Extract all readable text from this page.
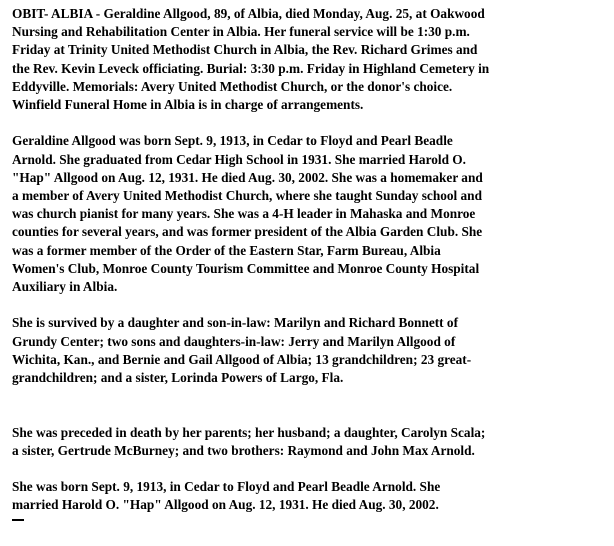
OBIT- ALBIA - Geraldine Allgood, 89, of Albia, died Monday, Aug. 25, at Oakwood
Nursing and Rehabilitation Center in Albia. Her funeral service will be 1:30 p.m.
Friday at Trinity United Methodist Church in Albia, the Rev. Richard Grimes and
the Rev. Kevin Leveck officiating. Burial: 3:30 p.m. Friday in Highland Cemetery in
Eddyville. Memorials: Avery United Methodist Church, or the donor's choice.
Winfield Funeral Home in Albia is in charge of arrangements.
Geraldine Allgood was born Sept. 9, 1913, in Cedar to Floyd and Pearl Beadle
Arnold. She graduated from Cedar High School in 1931. She married Harold O.
"Hap" Allgood on Aug. 12, 1931. He died Aug. 30, 2002. She was a homemaker and
a member of Avery United Methodist Church, where she taught Sunday school and
was church pianist for many years. She was a 4-H leader in Mahaska and Monroe
counties for several years, and was former president of the Albia Garden Club. She
was a former member of the Order of the Eastern Star, Farm Bureau, Albia
Women's Club, Monroe County Tourism Committee and Monroe County Hospital
Auxiliary in Albia.
She is survived by a daughter and son-in-law: Marilyn and Richard Bonnett of
Grundy Center; two sons and daughters-in-law: Jerry and Marilyn Allgood of
Wichita, Kan., and Bernie and Gail Allgood of Albia; 13 grandchildren; 23 great-
grandchildren; and a sister, Lorinda Powers of Largo, Fla.
She was preceded in death by her parents; her husband; a daughter, Carolyn Scala;
a sister, Gertrude McBurney; and two brothers: Raymond and John Max Arnold.
She was born Sept. 9, 1913, in Cedar to Floyd and Pearl Beadle Arnold. She
married Harold O. "Hap" Allgood on Aug. 12, 1931. He died Aug. 30, 2002.
